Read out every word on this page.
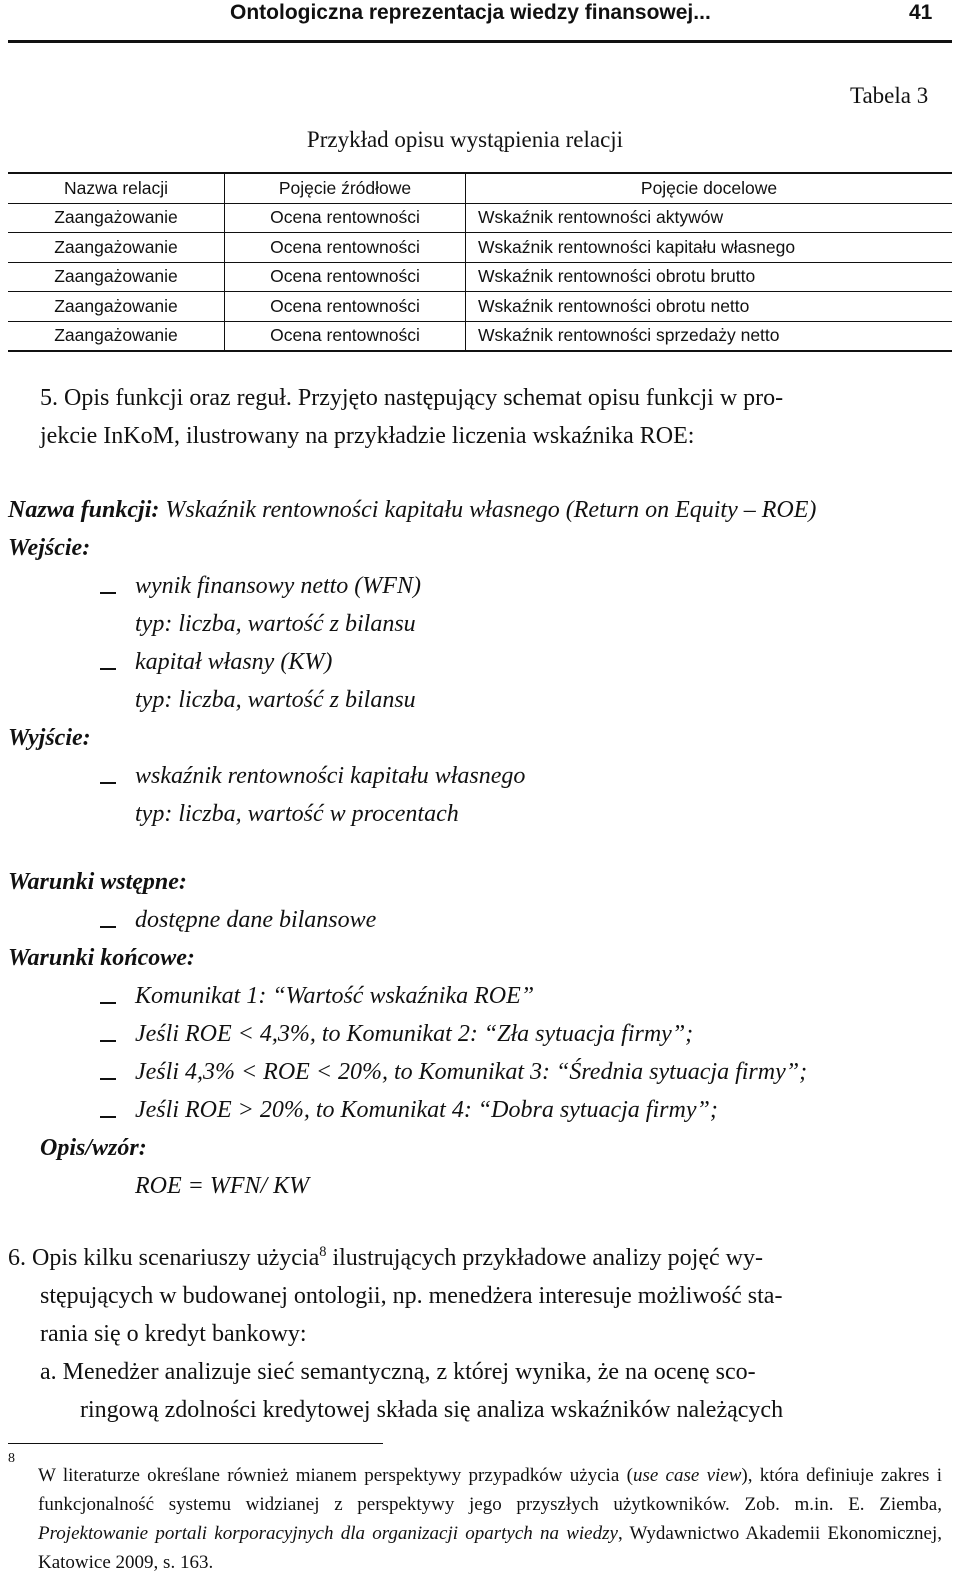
Ontologiczna reprezentacja wiedzy finansowej...	41
Tabela 3
Przykład opisu wystąpienia relacji
Nazwa relacji	Pojęcie źródłowe	Pojęcie docelowe
Zaangażowanie	Ocena rentowności	Wskaźnik rentowności aktywów
Zaangażowanie	Ocena rentowności	Wskaźnik rentowności kapitału własnego
Zaangażowanie	Ocena rentowności	Wskaźnik rentowności obrotu brutto
Zaangażowanie	Ocena rentowności	Wskaźnik rentowności obrotu netto
Zaangażowanie	Ocena rentowności	Wskaźnik rentowności sprzedaży netto
5. Opis funkcji oraz reguł. Przyjęto następujący schemat opisu funkcji w pro-
jekcie InKoM, ilustrowany na przykładzie liczenia wskaźnika ROE:
Nazwa funkcji: Wskaźnik rentowności kapitału własnego (Return on Equity – ROE)
Wejście:
wynik finansowy netto (WFN)
typ: liczba, wartość z bilansu
kapitał własny (KW)
typ: liczba, wartość z bilansu
Wyjście:
wskaźnik rentowności kapitału własnego
typ: liczba, wartość w procentach
Warunki wstępne:
dostępne dane bilansowe
Warunki końcowe:
Komunikat 1: “Wartość wskaźnika ROE”
Jeśli ROE < 4,3%, to Komunikat 2: “Zła sytuacja firmy”;
Jeśli 4,3% < ROE < 20%, to Komunikat 3: “Średnia sytuacja firmy”;
Jeśli ROE > 20%, to Komunikat 4: “Dobra sytuacja firmy”;
Opis/wzór:
ROE = WFN/ KW
6. Opis kilku scenariuszy użycia$^8$ ilustrujących przykładowe analizy pojęć wy-
stępujących w budowanej ontologii, np. menedżera interesuje możliwość sta-
rania się o kredyt bankowy:
a. Menedżer analizuje sieć semantyczną, z której wynika, że na ocenę sco-
ringową zdolności kredytowej składa się analiza wskaźników należących
8
W literaturze określane również mianem perspektywy przypadków użycia (use case view), która definiuje zakres i funkcjonalność systemu widzianej z perspektywy jego przyszłych użytkowników. Zob. m.in. E. Ziemba, Projektowanie portali korporacyjnych dla organizacji opartych na wiedzy, Wydawnictwo Akademii Ekonomicznej, Katowice 2009, s. 163.
